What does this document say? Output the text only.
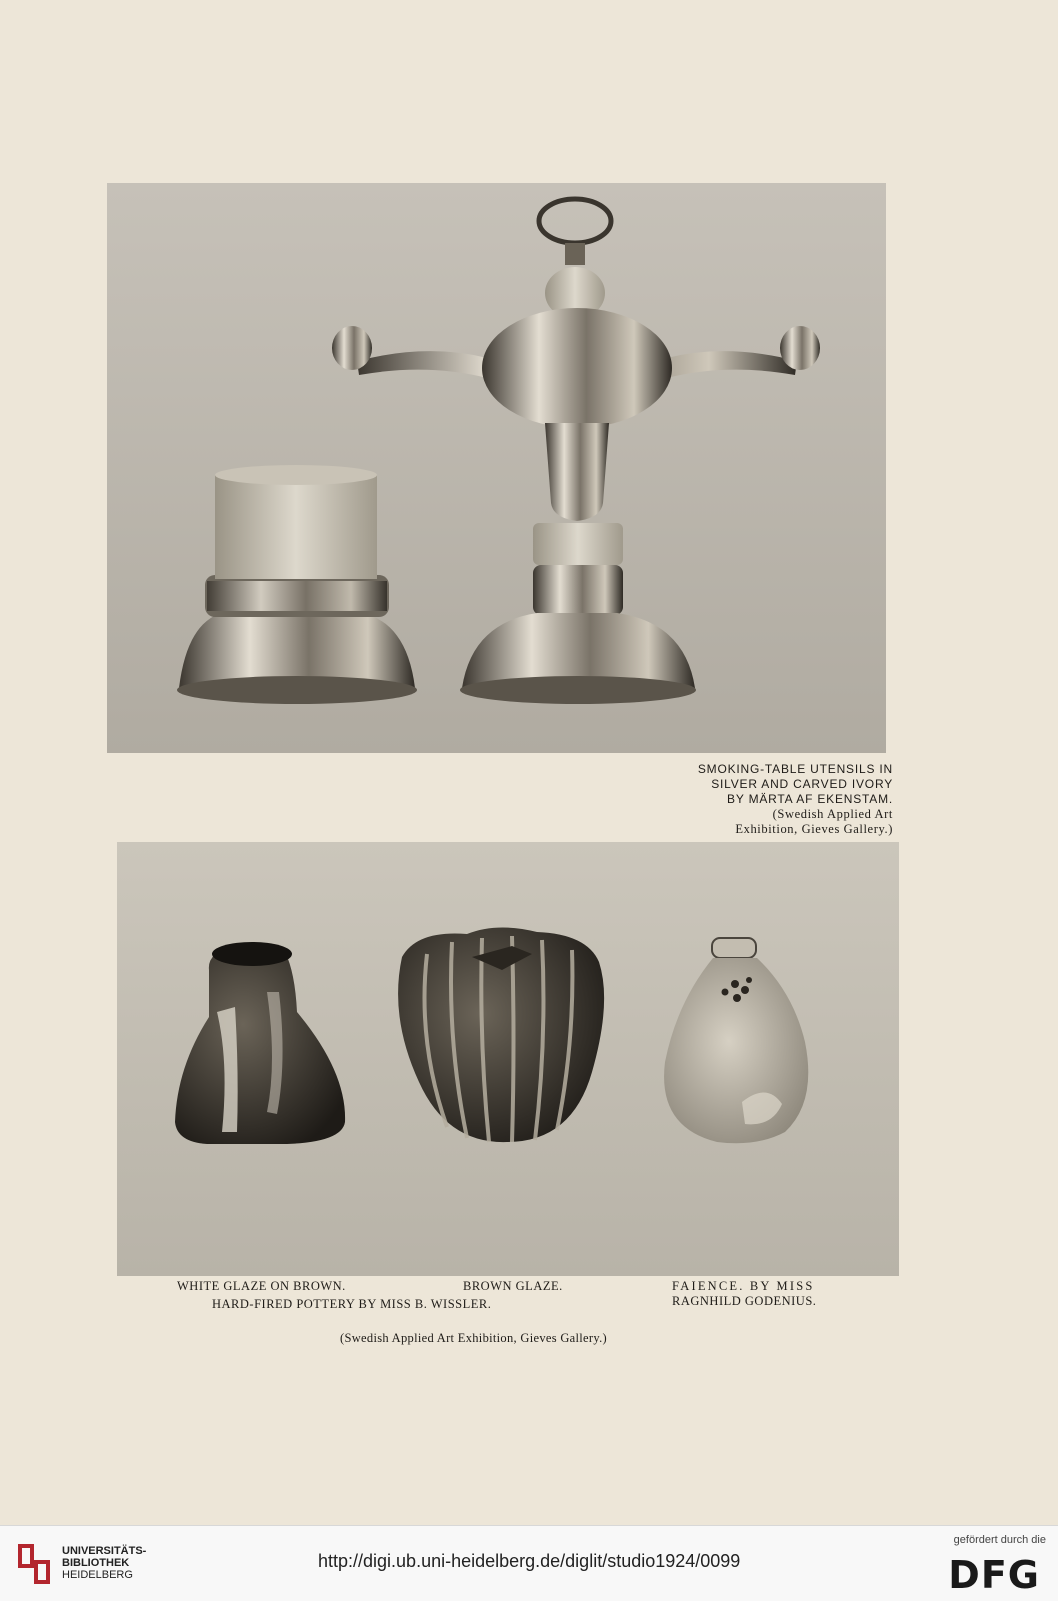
SMOKING-TABLE UTENSILS IN
SILVER AND CARVED IVORY
BY MÄRTA AF EKENSTAM.
(Swedish Applied Art
Exhibition, Gieves Gallery.)
WHITE GLAZE ON BROWN.	BROWN GLAZE.	FAIENCE. BY MISS
RAGNHILD GODENIUS.
HARD-FIRED POTTERY BY MISS B. WISSLER.
(Swedish Applied Art Exhibition, Gieves Gallery.)
UNIVERSITÄTS-
BIBLIOTHEK
HEIDELBERG
http://digi.ub.uni-heidelberg.de/diglit/studio1924/0099
gefördert durch die
DFG
